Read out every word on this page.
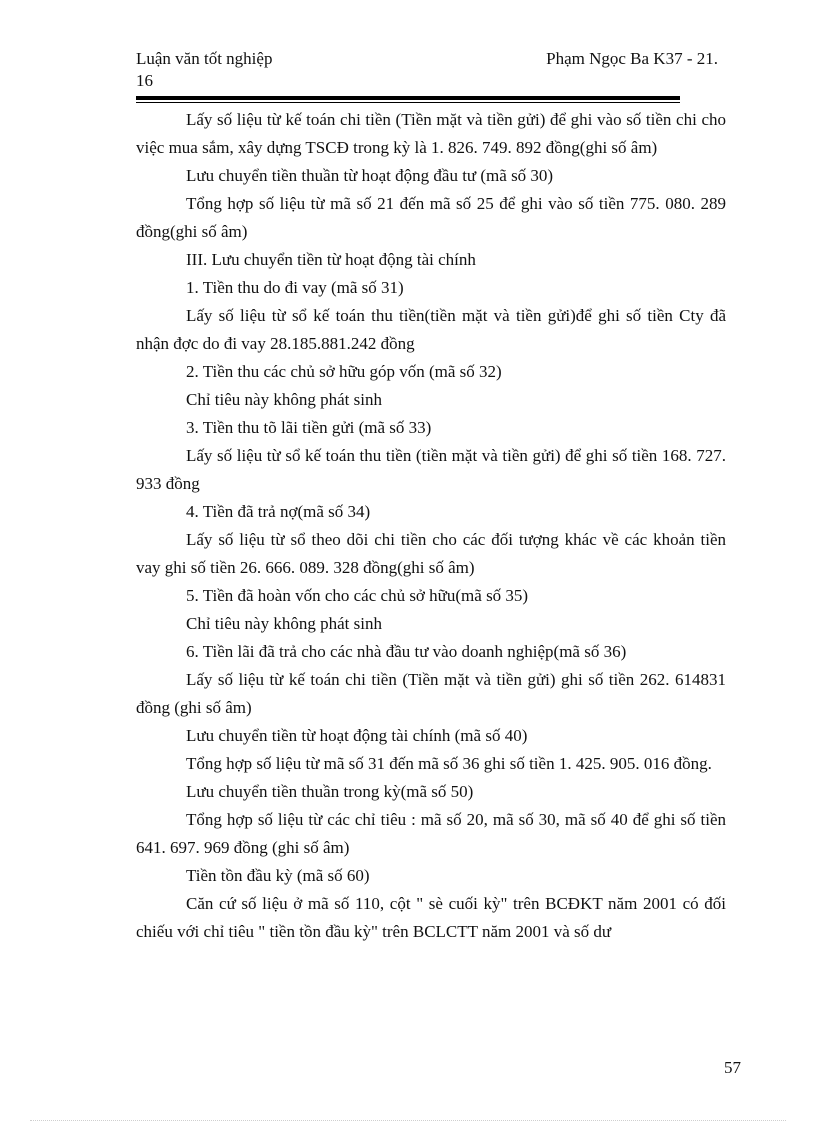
Luận văn tốt nghiệp
16
Phạm Ngọc Ba K37 - 21.

Lấy số liệu từ kế toán chi tiền (Tiền mặt và tiền gửi) để ghi vào số tiền chi cho việc mua sắm, xây dựng TSCĐ trong kỳ là 1. 826. 749. 892 đồng(ghi số âm)

Lưu chuyển tiền thuần từ hoạt động đầu tư (mã số 30)

Tổng hợp số liệu từ mã số 21 đến mã số 25 để ghi vào số tiền 775. 080. 289 đồng(ghi số âm)

III. Lưu chuyển tiền từ hoạt động tài chính

1. Tiền thu do đi vay (mã số 31)

Lấy số liệu từ sổ kế toán thu tiền(tiền mặt và tiền gửi)để ghi số tiền Cty đã nhận đợc do đi vay 28.185.881.242 đồng

2. Tiền thu các chủ sở hữu góp vốn (mã số 32)

Chỉ tiêu này không phát sinh

3. Tiền thu tõ lãi tiền gửi (mã số 33)

Lấy số liệu từ sổ kế toán thu tiền (tiền mặt và tiền gửi) để ghi số tiền 168. 727. 933 đồng

4. Tiền đã trả nợ(mã số 34)

Lấy số liệu từ sổ theo dõi chi tiền cho các đối tượng khác về các khoản tiền vay ghi số tiền 26. 666. 089. 328 đồng(ghi số âm)

5. Tiền đã hoàn vốn cho các chủ sở hữu(mã số 35)

Chỉ tiêu này không phát sinh

6. Tiền lãi đã trả cho các nhà đầu tư vào doanh nghiệp(mã số 36)

Lấy số liệu từ kế toán chi tiền (Tiền mặt và tiền gửi) ghi số tiền 262. 614831 đồng (ghi số âm)

Lưu chuyển tiền từ hoạt động tài chính (mã số 40)

Tổng hợp số liệu từ mã số 31 đến mã số 36 ghi số tiền 1. 425. 905. 016 đồng.

Lưu chuyển tiền thuần trong kỳ(mã số 50)

Tổng hợp số liệu từ các chỉ tiêu : mã số 20, mã số 30, mã số 40 để ghi số tiền 641. 697. 969 đồng (ghi số âm)

Tiền tồn đầu kỳ (mã số 60)

Căn cứ số liệu ở mã số 110, cột " sè cuối kỳ" trên BCĐKT năm 2001 có đối chiếu với chỉ tiêu " tiền tồn đầu kỳ" trên BCLCTT năm 2001 và số dư

57
